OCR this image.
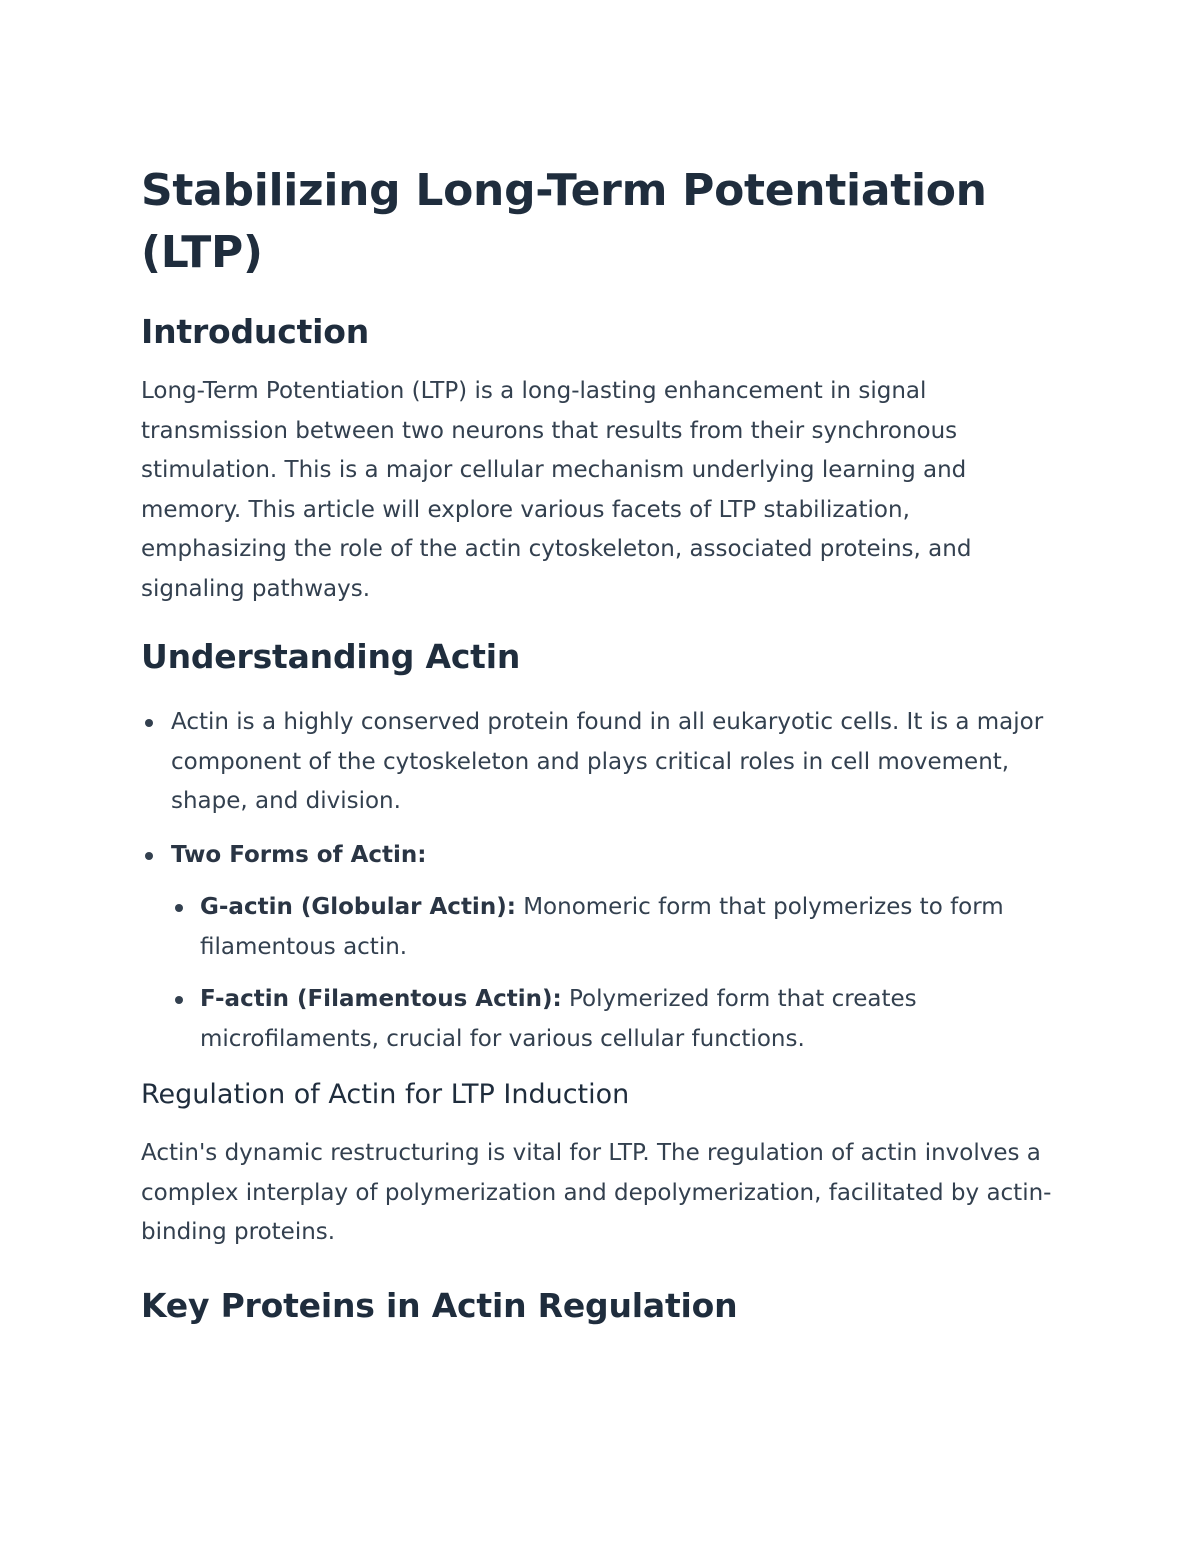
Stabilizing Long-Term Potentiation (LTP)
Introduction

Long-Term Potentiation (LTP) is a long-lasting enhancement in signal transmission between two neurons that results from their synchronous stimulation. This is a major cellular mechanism underlying learning and memory. This article will explore various facets of LTP stabilization, emphasizing the role of the actin cytoskeleton, associated proteins, and signaling pathways.

Understanding Actin
Actin is a highly conserved protein found in all eukaryotic cells. It is a major component of the cytoskeleton and plays critical roles in cell movement, shape, and division.
Two Forms of Actin:
G-actin (Globular Actin): Monomeric form that polymerizes to form filamentous actin.
F-actin (Filamentous Actin): Polymerized form that creates microfilaments, crucial for various cellular functions.
Regulation of Actin for LTP Induction

Actin's dynamic restructuring is vital for LTP. The regulation of actin involves a complex interplay of polymerization and depolymerization, facilitated by actin-binding proteins.

Key Proteins in Actin Regulation
